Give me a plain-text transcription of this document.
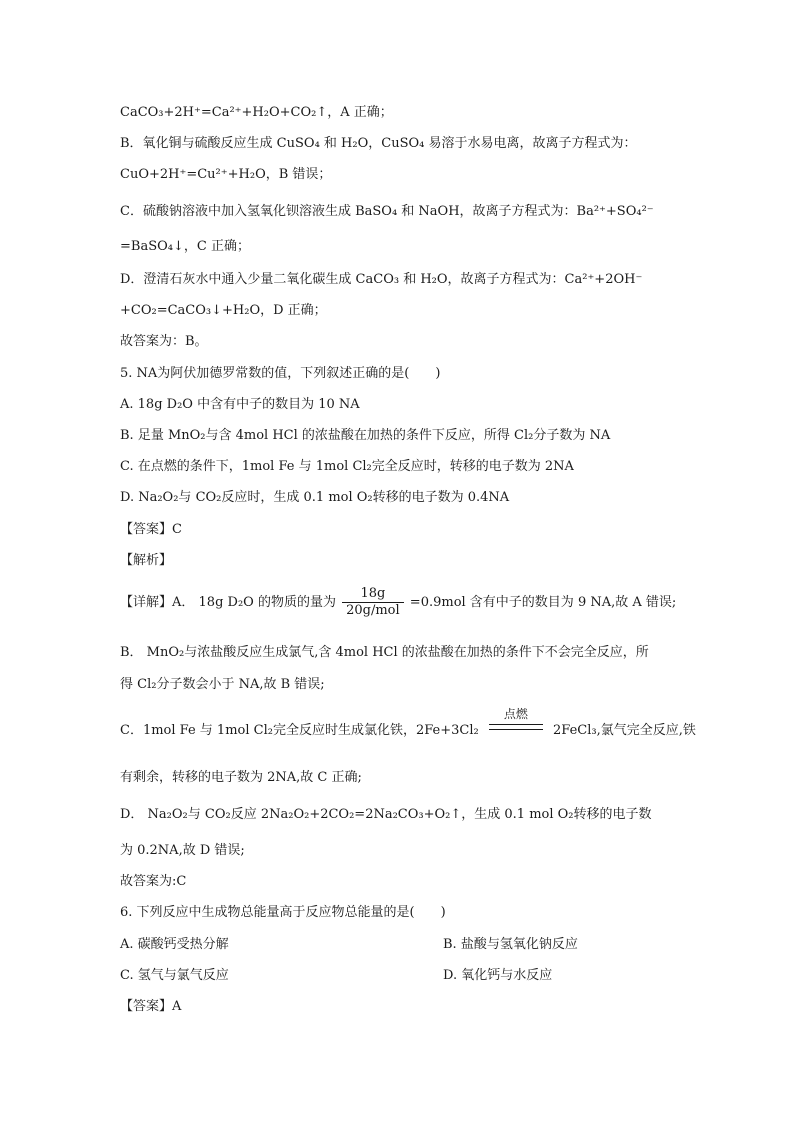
CaCO₃+2H⁺=Ca²⁺+H₂O+CO₂↑，A 正确；
B．氧化铜与硫酸反应生成 CuSO₄ 和 H₂O，CuSO₄ 易溶于水易电离，故离子方程式为：
CuO+2H⁺=Cu²⁺+H₂O，B 错误；
C．硫酸钠溶液中加入氢氧化钡溶液生成 BaSO₄ 和 NaOH，故离子方程式为：Ba²⁺+SO₄²⁻
=BaSO₄↓，C 正确；
D．澄清石灰水中通入少量二氧化碳生成 CaCO₃ 和 H₂O，故离子方程式为：Ca²⁺+2OH⁻
+CO₂=CaCO₃↓+H₂O，D 正确；
故答案为：B。
5. NA为阿伏加德罗常数的值，下列叙述正确的是(　　)
A. 18g D₂O 中含有中子的数目为 10 NA
B. 足量 MnO₂与含 4mol HCl 的浓盐酸在加热的条件下反应，所得 Cl₂分子数为 NA
C. 在点燃的条件下，1mol Fe 与 1mol Cl₂完全反应时，转移的电子数为 2NA
D. Na₂O₂与 CO₂反应时，生成 0.1 mol O₂转移的电子数为 0.4NA
【答案】C
【解析】
【详解】A． 18g D₂O 的物质的量为 $\frac{18g}{\text{20g/mol}} =0.9mol$ 含有中子的数目为 9 NA,故 A 错误;
B． MnO₂与浓盐酸反应生成氯气,含 4mol HCl 的浓盐酸在加热的条件下不会完全反应，所
得 Cl₂分子数会小于 NA,故 B 错误;
C．1mol Fe 与 1mol Cl₂完全反应时生成氯化铁，2Fe+3Cl₂
点燃
2FeCl₃,氯气完全反应,铁
有剩余，转移的电子数为 2NA,故 C 正确;
D． Na₂O₂与 CO₂反应 2Na₂O₂+2CO₂=2Na₂CO₃+O₂↑，生成 0.1 mol O₂转移的电子数
为 0.2NA,故 D 错误;
故答案为:C
6. 下列反应中生成物总能量高于反应物总能量的是(　　)
A. 碳酸钙受热分解	B. 盐酸与氢氧化钠反应
C. 氢气与氯气反应	D. 氧化钙与水反应
【答案】A
